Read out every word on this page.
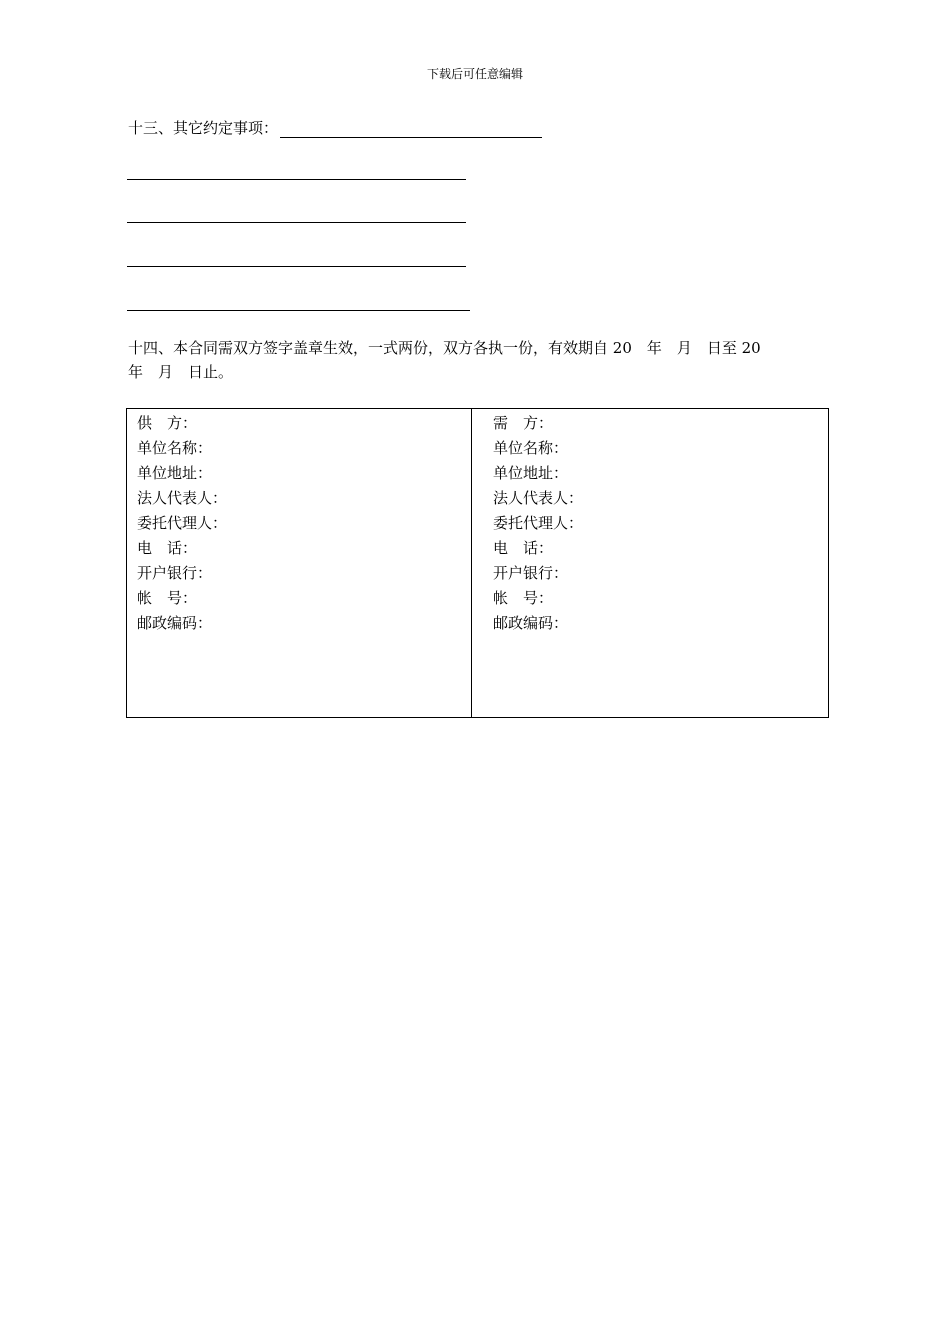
下载后可任意编辑
十三、其它约定事项：
十四、本合同需双方签字盖章生效，一式两份，双方各执一份，有效期自 20　年　月　日至 20
年　月　日止。
供　方：
单位名称：
单位地址：
法人代表人：
委托代理人：
电　话：
开户银行：
帐　号：
邮政编码：
需　方：
单位名称：
单位地址：
法人代表人：
委托代理人：
电　话：
开户银行：
帐　号：
邮政编码：
